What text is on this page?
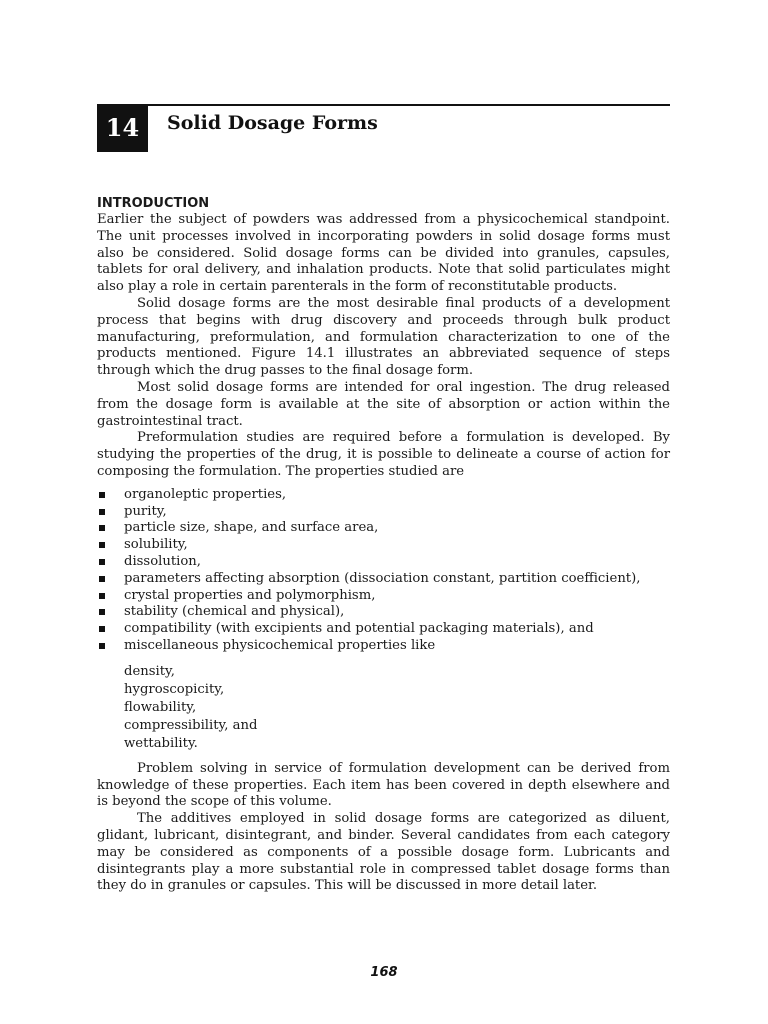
14	Solid Dosage Forms
INTRODUCTION

Earlier the subject of powders was addressed from a physicochemical standpoint. The unit processes involved in incorporating powders in solid dosage forms must also be considered. Solid dosage forms can be divided into granules, capsules, tablets for oral delivery, and inhalation products. Note that solid particulates might also play a role in certain parenterals in the form of reconstitutable products.

Solid dosage forms are the most desirable final products of a development process that begins with drug discovery and proceeds through bulk product manufacturing, preformulation, and formulation characterization to one of the products mentioned. Figure 14.1 illustrates an abbreviated sequence of steps through which the drug passes to the final dosage form.

Most solid dosage forms are intended for oral ingestion. The drug released from the dosage form is available at the site of absorption or action within the gastrointestinal tract.

Preformulation studies are required before a formulation is developed. By studying the properties of the drug, it is possible to delineate a course of action for composing the formulation. The properties studied are

organoleptic properties,
purity,
particle size, shape, and surface area,
solubility,
dissolution,
parameters affecting absorption (dissociation constant, partition coefficient),
crystal properties and polymorphism,
stability (chemical and physical),
compatibility (with excipients and potential packaging materials), and
miscellaneous physicochemical properties like
density,
hygroscopicity,
flowability,
compressibility, and
wettability.

Problem solving in service of formulation development can be derived from knowledge of these properties. Each item has been covered in depth elsewhere and is beyond the scope of this volume.

The additives employed in solid dosage forms are categorized as diluent, glidant, lubricant, disintegrant, and binder. Several candidates from each category may be considered as components of a possible dosage form. Lubricants and disintegrants play a more substantial role in compressed tablet dosage forms than they do in granules or capsules. This will be discussed in more detail later.

168
